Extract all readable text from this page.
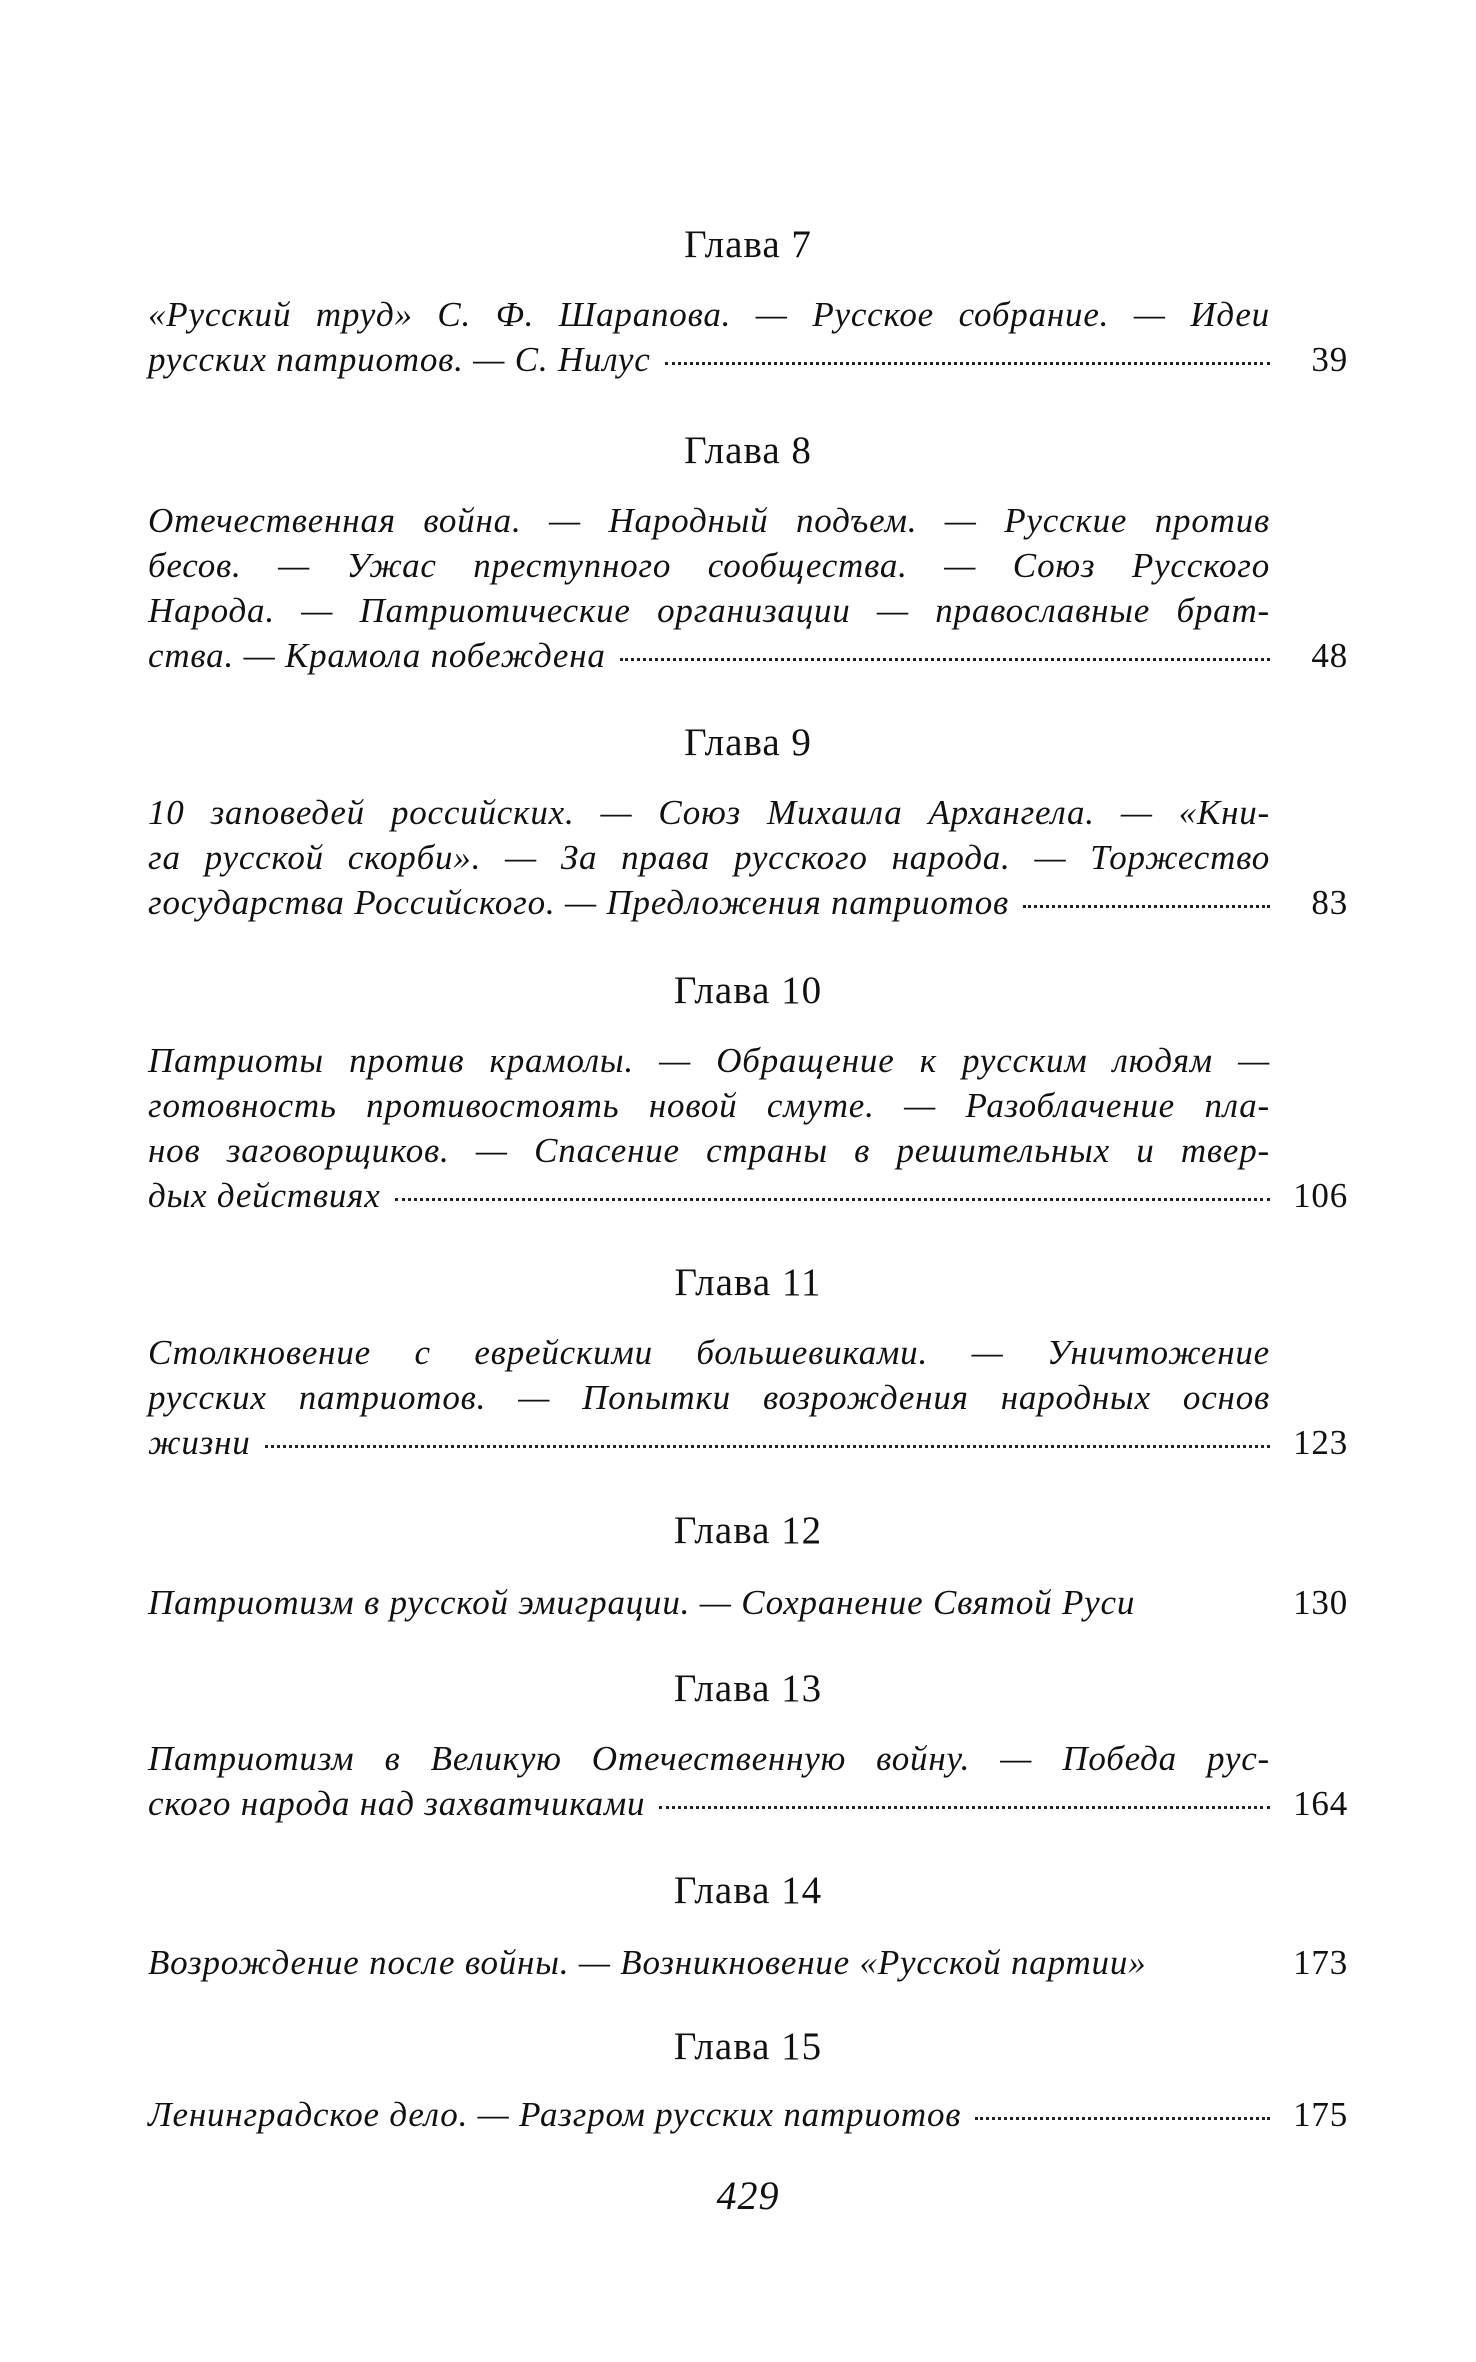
Глава 7
«Русский труд» С. Ф. Шарапова. — Русское собрание. — Идеи
русских патриотов. — С. Нилус	39
Глава 8
Отечественная война. — Народный подъем. — Русские против
бесов. — Ужас преступного сообщества. — Союз Русского
Народа. — Патриотические организации — православные брат-
ства. — Крамола побеждена	48
Глава 9
10 заповедей российских. — Союз Михаила Архангела. — «Кни-
га русской скорби». — За права русского народа. — Торжество
государства Российского. — Предложения патриотов	83
Глава 10
Патриоты против крамолы. — Обращение к русским людям —
готовность противостоять новой смуте. — Разоблачение пла-
нов заговорщиков. — Спасение страны в решительных и твер-
дых действиях	106
Глава 11
Столкновение с еврейскими большевиками. — Уничтожение
русских патриотов. — Попытки возрождения народных основ
жизни	123
Глава 12
Патриотизм в русской эмиграции. — Сохранение Святой Руси	130
Глава 13
Патриотизм в Великую Отечественную войну. — Победа рус-
ского народа над захватчиками	164
Глава 14
Возрождение после войны. — Возникновение «Русской партии»	173
Глава 15
Ленинградское дело. — Разгром русских патриотов	175
429
